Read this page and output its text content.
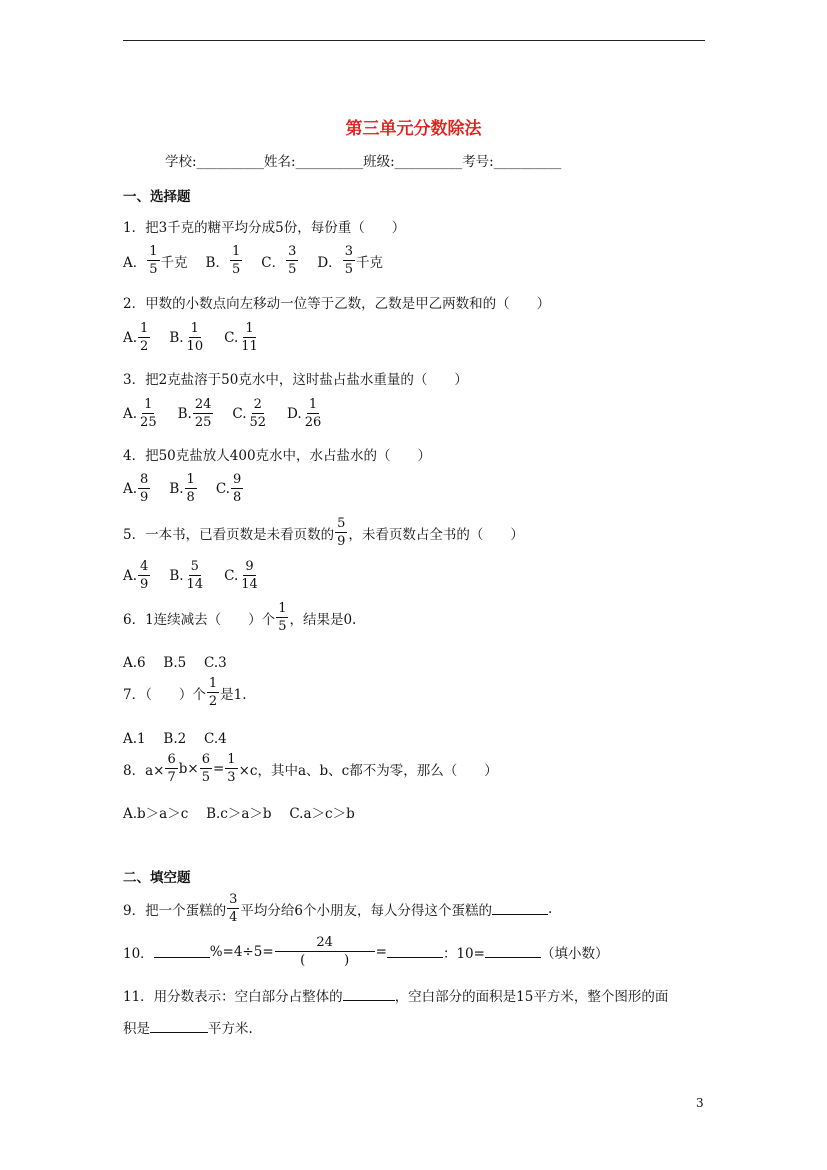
第三单元分数除法
学校:__________姓名:__________班级:__________考号:__________
一、选择题
1．把3千克的糖平均分成5份，每份重（　　）
A． $\frac{1}{5}$ 千克 B． $\frac{1}{5}$ C． $\frac{3}{5}$ D． $\frac{3}{5}$ 千克
2．甲数的小数点向左移动一位等于乙数，乙数是甲乙两数和的（　　）
A. $\frac{1}{2} B$. $\frac{1}{10} C$. $\frac{1}{11}$
3．把2克盐溶于50克水中，这时盐占盐水重量的（　　）
A. $\frac{1}{25} B$. $\frac{24}{25} C$. $\frac{2}{52} D$. $\frac{1}{26}$
4．把50克盐放人400克水中，水占盐水的（　　）
A. $\frac{8}{9} B$. $\frac{1}{8} C$. $\frac{9}{8}$
5．一本书，已看页数是未看页数的 $\frac{5}{9}$ ，未看页数占全书的（　　）
A. $\frac{4}{9} B$. $\frac{5}{14} C$. $\frac{9}{14}$
6．1连续减去（　　）个 $\frac{1}{5}$ ，结果是0.
A.6　 B.5　 C.3
7．（　　）个 $\frac{1}{2}$ 是1.
A.1　 B.2　 C.4
8．$a\times \frac{6}{7} b\times \frac{6}{5} = \frac{1}{3} \times c$，其中a、b、c都不为零，那么（　　）
A.b＞a＞c　 B.c＞a＞b　 C.a＞c＞b
二、填空题
9．把一个蛋糕的 $\frac{3}{4}$ 平均分给6个小朋友，每人分得这个蛋糕的	.
10．	$\%=4\div 5= \frac{24}{( )}$ =	：10=	（填小数）
11．用分数表示：空白部分占整体的	，空白部分的面积是15平方米，整个图形的面
积是	平方米.
3
